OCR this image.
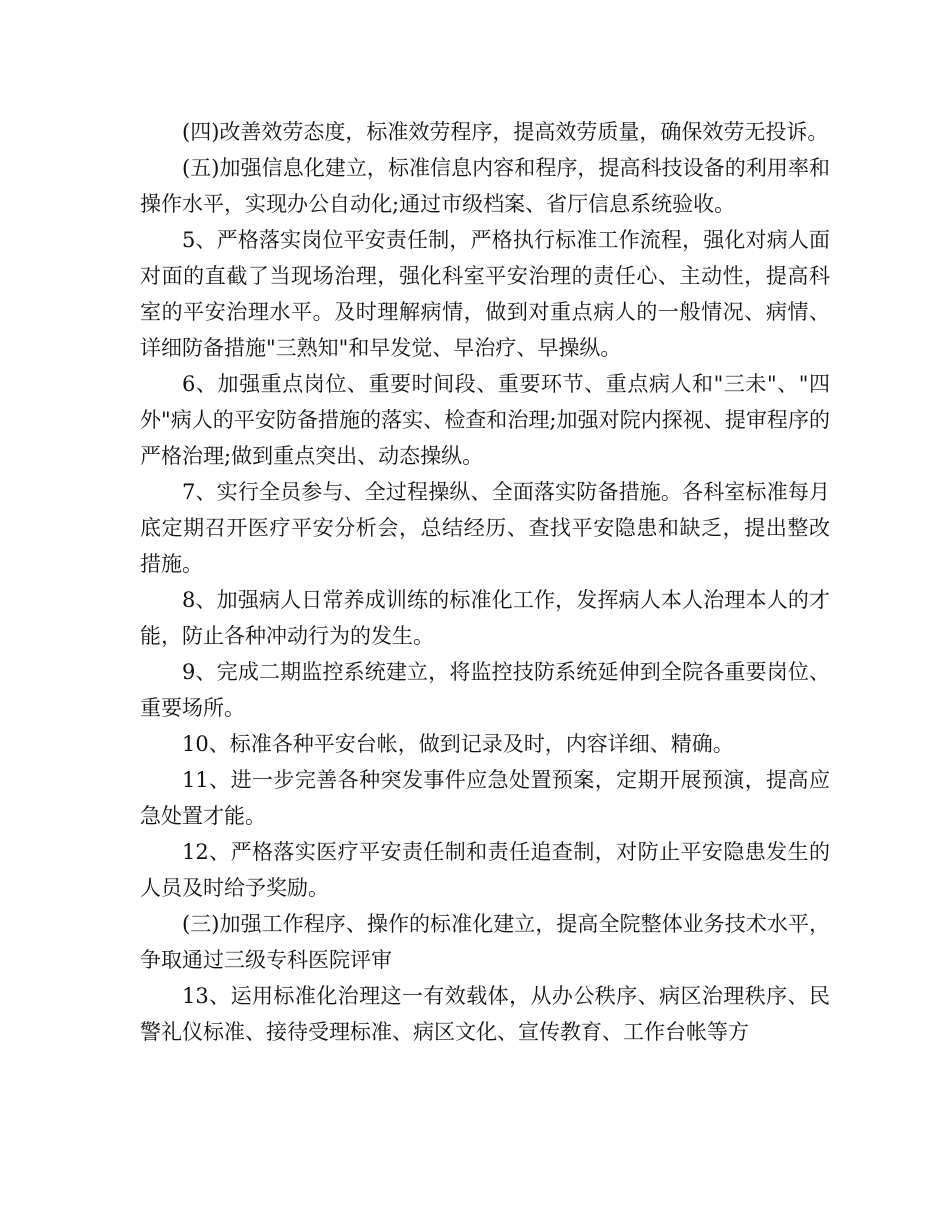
(四)改善效劳态度，标准效劳程序，提高效劳质量，确保效劳无投诉。

(五)加强信息化建立，标准信息内容和程序，提高科技设备的利用率和操作水平，实现办公自动化;通过市级档案、省厅信息系统验收。

5、严格落实岗位平安责任制，严格执行标准工作流程，强化对病人面对面的直截了当现场治理，强化科室平安治理的责任心、主动性，提高科室的平安治理水平。及时理解病情，做到对重点病人的一般情况、病情、详细防备措施"三熟知"和早发觉、早治疗、早操纵。

6、加强重点岗位、重要时间段、重要环节、重点病人和"三未"、"四外"病人的平安防备措施的落实、检查和治理;加强对院内探视、提审程序的严格治理;做到重点突出、动态操纵。

7、实行全员参与、全过程操纵、全面落实防备措施。各科室标准每月底定期召开医疗平安分析会，总结经历、查找平安隐患和缺乏，提出整改措施。

8、加强病人日常养成训练的标准化工作，发挥病人本人治理本人的才能，防止各种冲动行为的发生。

9、完成二期监控系统建立，将监控技防系统延伸到全院各重要岗位、重要场所。

10、标准各种平安台帐，做到记录及时，内容详细、精确。

11、进一步完善各种突发事件应急处置预案，定期开展预演，提高应急处置才能。

12、严格落实医疗平安责任制和责任追查制，对防止平安隐患发生的人员及时给予奖励。

(三)加强工作程序、操作的标准化建立，提高全院整体业务技术水平，争取通过三级专科医院评审

13、运用标准化治理这一有效载体，从办公秩序、病区治理秩序、民警礼仪标准、接待受理标准、病区文化、宣传教育、工作台帐等方
